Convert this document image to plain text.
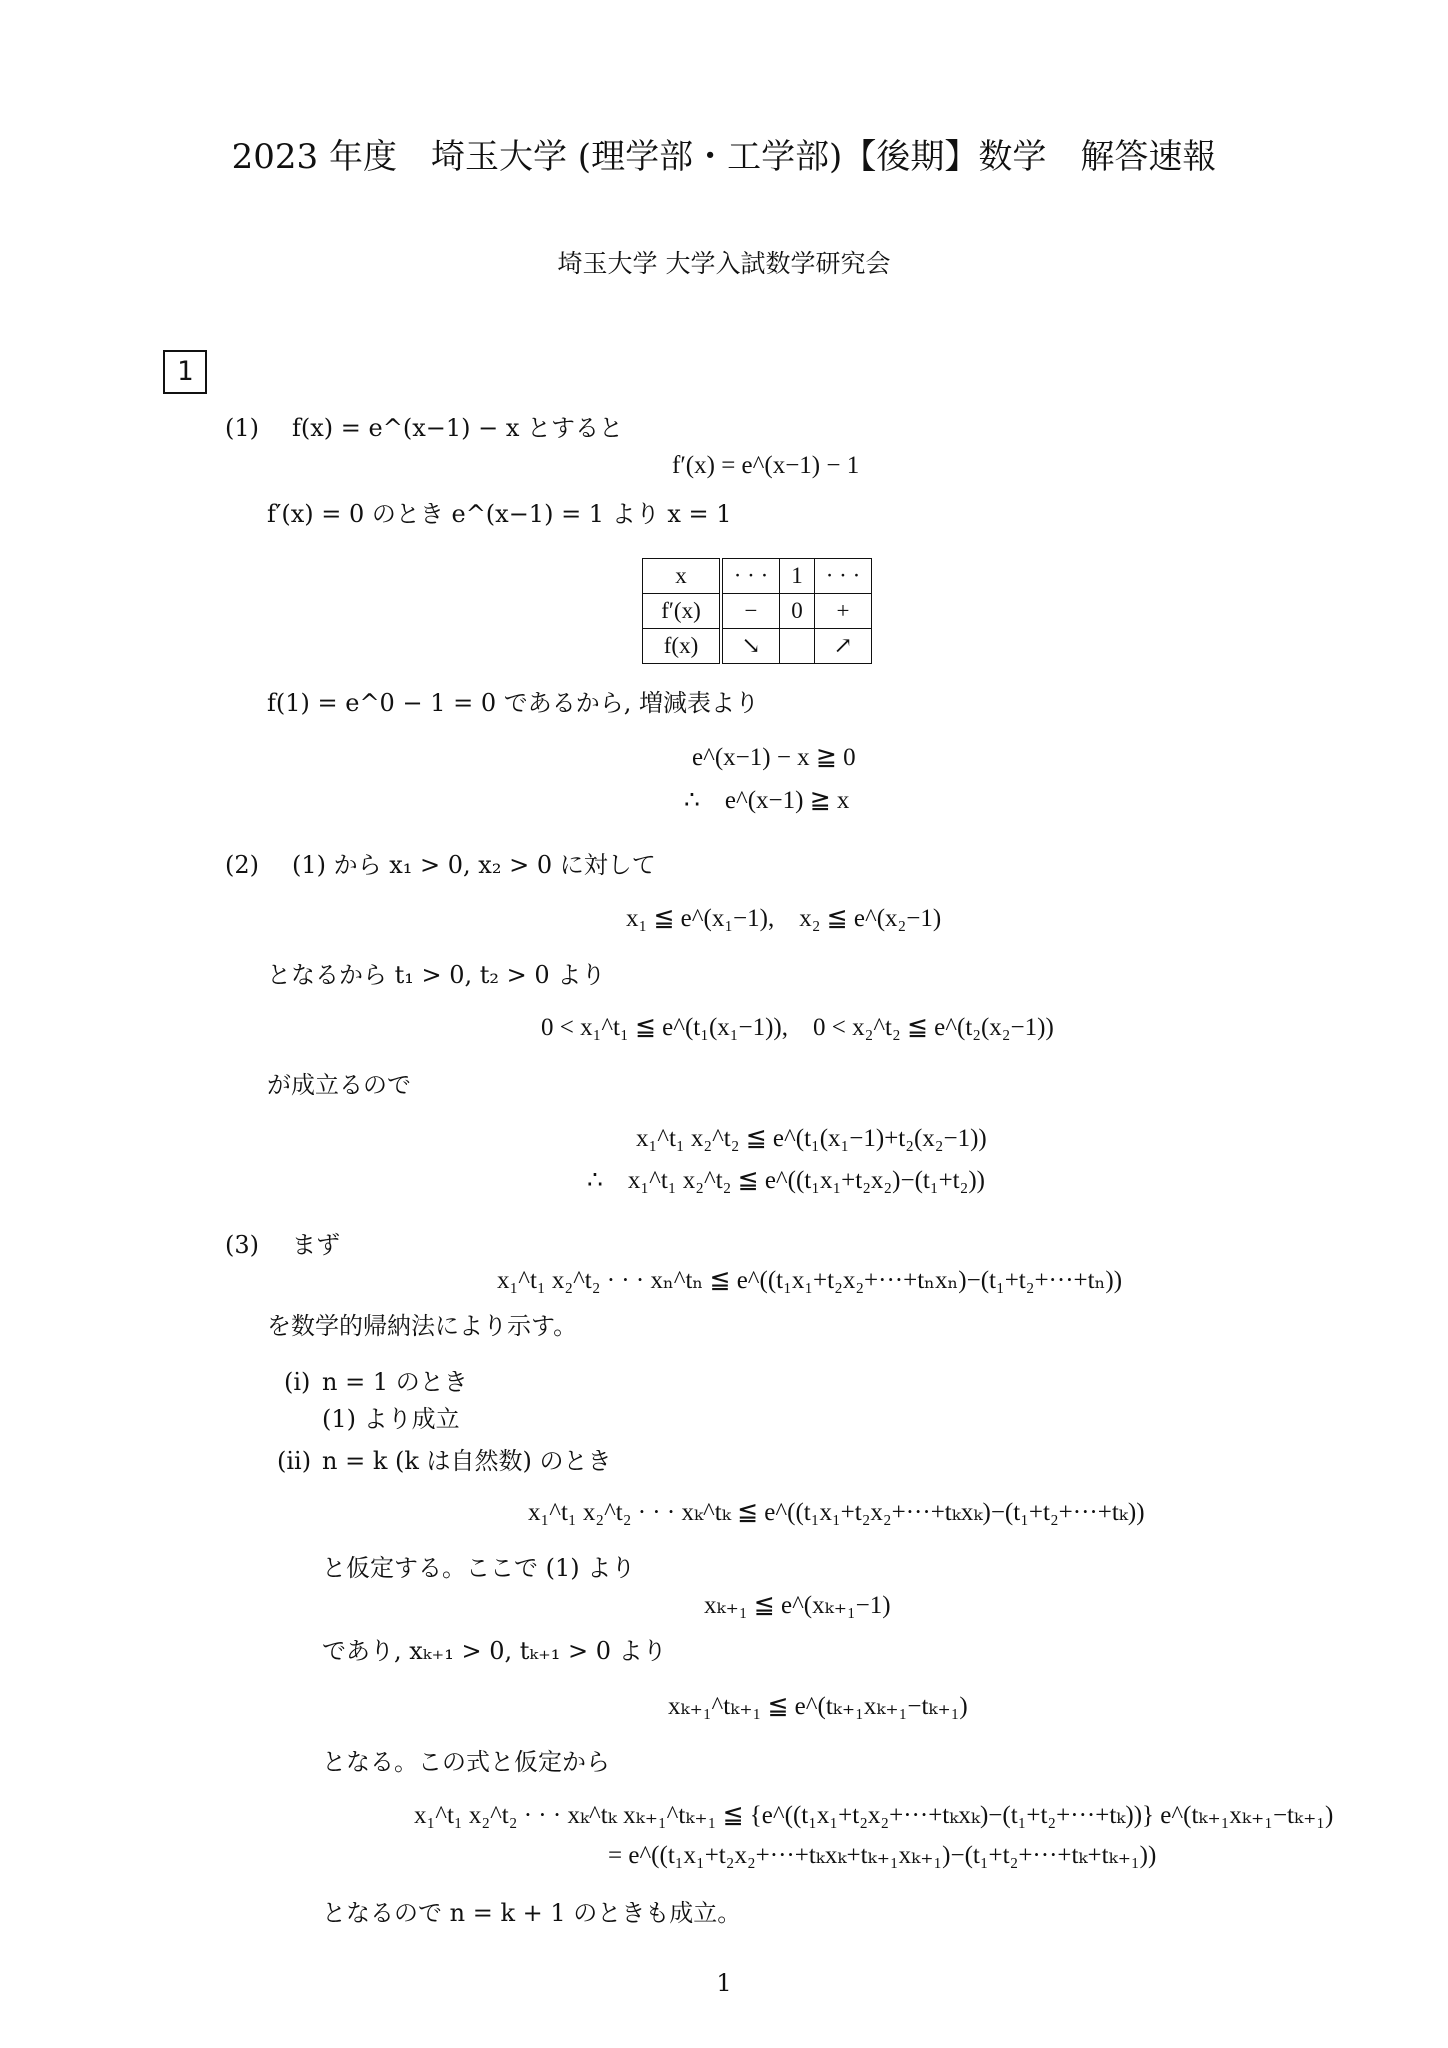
2023 年度　埼玉大学 (理学部・工学部)【後期】数学　解答速報
埼玉大学 大学入試数学研究会
1
(1) f(x) = e^(x−1) − x とすると
f′(x) = e^(x−1) − 1
f′(x) = 0 のとき e^(x−1) = 1 より x = 1
x	· · ·	1	· · ·
f′(x)	−	0	+
f(x)	↘		↗
f(1) = e^0 − 1 = 0 であるから, 増減表より
e^(x−1) − x ≧ 0
∴　e^(x−1) ≧ x
(2) (1) から x₁ > 0, x₂ > 0 に対して
x₁ ≦ e^(x₁−1),　x₂ ≦ e^(x₂−1)
となるから t₁ > 0, t₂ > 0 より
0 < x₁^t₁ ≦ e^(t₁(x₁−1)),　0 < x₂^t₂ ≦ e^(t₂(x₂−1))
が成立るので
x₁^t₁ x₂^t₂ ≦ e^(t₁(x₁−1)+t₂(x₂−1))
∴　x₁^t₁ x₂^t₂ ≦ e^((t₁x₁+t₂x₂)−(t₁+t₂))
(3) まず
x₁^t₁ x₂^t₂ · · · xₙ^tₙ ≦ e^((t₁x₁+t₂x₂+···+tₙxₙ)−(t₁+t₂+···+tₙ))
を数学的帰納法により示す。
(i) n = 1 のとき
(1) より成立
(ii) n = k (k は自然数) のとき
x₁^t₁ x₂^t₂ · · · xₖ^tₖ ≦ e^((t₁x₁+t₂x₂+···+tₖxₖ)−(t₁+t₂+···+tₖ))
と仮定する。ここで (1) より
xₖ₊₁ ≦ e^(xₖ₊₁−1)
であり, xₖ₊₁ > 0, tₖ₊₁ > 0 より
xₖ₊₁^tₖ₊₁ ≦ e^(tₖ₊₁xₖ₊₁−tₖ₊₁)
となる。この式と仮定から
x₁^t₁ x₂^t₂ · · · xₖ^tₖ xₖ₊₁^tₖ₊₁ ≦ {e^((t₁x₁+t₂x₂+···+tₖxₖ)−(t₁+t₂+···+tₖ))} e^(tₖ₊₁xₖ₊₁−tₖ₊₁)
= e^((t₁x₁+t₂x₂+···+tₖxₖ+tₖ₊₁xₖ₊₁)−(t₁+t₂+···+tₖ+tₖ₊₁))
となるので n = k + 1 のときも成立。
1
